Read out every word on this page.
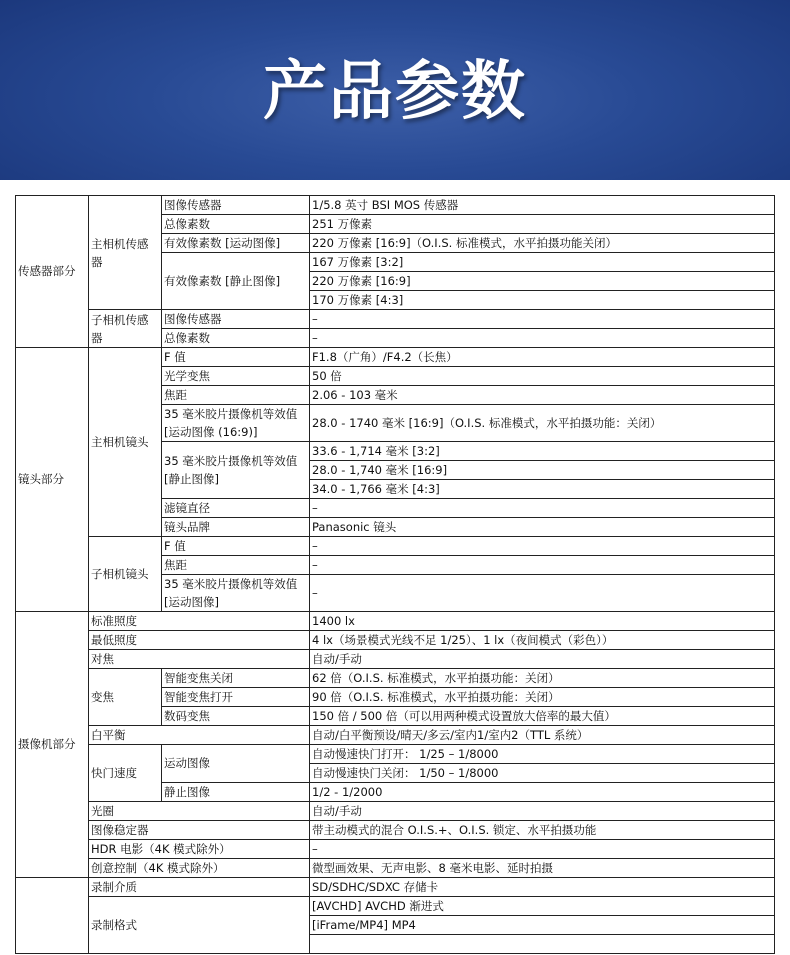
产品参数
传感器部分	主相机传感器	图像传感器	1/5.8 英寸 BSI MOS 传感器
		总像素数	251 万像素
		有效像素数 [运动图像]	220 万像素 [16:9]（O.I.S. 标准模式，水平拍摄功能关闭）
		有效像素数 [静止图像]	167 万像素 [3:2]
			220 万像素 [16:9]
			170 万像素 [4:3]
	子相机传感器	图像传感器	–
		总像素数	–
镜头部分	主相机镜头	F 值	F1.8（广角）/F4.2（长焦）
		光学变焦	50 倍
		焦距	2.06 - 103 毫米
		35 毫米胶片摄像机等效值 [运动图像 (16:9)]	28.0 - 1740 毫米 [16:9]（O.I.S. 标准模式，水平拍摄功能：关闭）
		35 毫米胶片摄像机等效值 [静止图像]	33.6 - 1,714 毫米 [3:2]
			28.0 - 1,740 毫米 [16:9]
			34.0 - 1,766 毫米 [4:3]
		滤镜直径	–
		镜头品牌	Panasonic 镜头
	子相机镜头	F 值	–
		焦距	–
		35 毫米胶片摄像机等效值 [运动图像]	–

摄像机部分	标准照度		1400 lx
	最低照度		4 lx（场景模式光线不足 1/25）、1 lx（夜间模式（彩色））
	对焦		自动/手动
	变焦	智能变焦关闭	62 倍（O.I.S. 标准模式，水平拍摄功能：关闭）
		智能变焦打开	90 倍（O.I.S. 标准模式，水平拍摄功能：关闭）
		数码变焦	150 倍 / 500 倍（可以用两种模式设置放大倍率的最大值）

	白平衡		自动/白平衡预设/晴天/多云/室内1/室内2（TTL 系统）
	快门速度	运动图像	自动慢速快门打开： 1/25 – 1/8000
			自动慢速快门关闭： 1/50 – 1/8000
		静止图像	1/2 - 1/2000
	光圈		自动/手动
	图像稳定器		带主动模式的混合 O.I.S.+、O.I.S. 锁定、水平拍摄功能
	HDR 电影（4K 模式除外）		–
	创意控制（4K 模式除外）		微型画效果、无声电影、8 毫米电影、延时拍摄
	录制介质		SD/SDHC/SDXC 存储卡
	录制格式		[AVCHD] AVCHD 渐进式
			[iFrame/MP4] MP4
